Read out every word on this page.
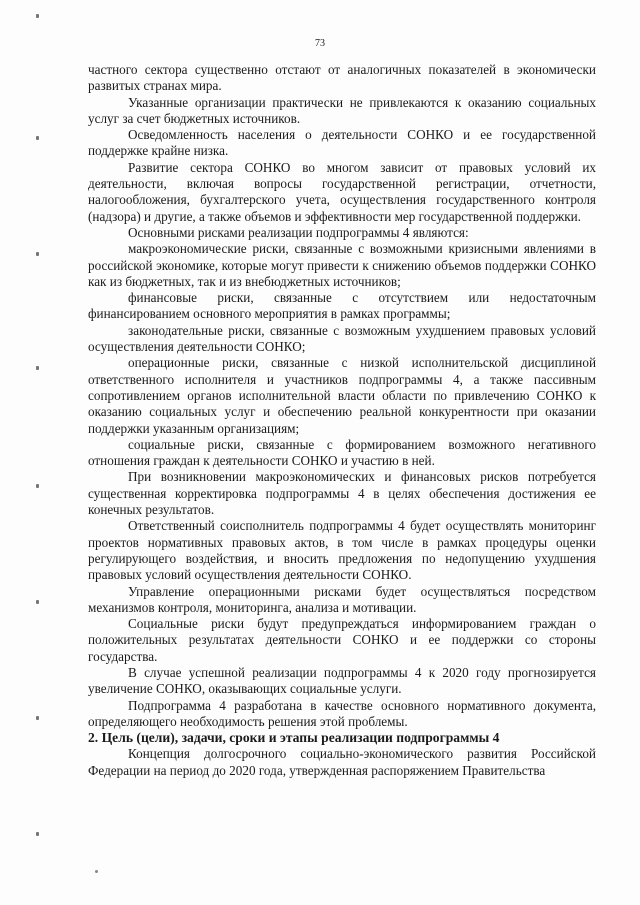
73

частного сектора существенно отстают от аналогичных показателей в экономически развитых странах мира.

Указанные организации практически не привлекаются к оказанию социальных услуг за счет бюджетных источников.

Осведомленность населения о деятельности СОНКО и ее государственной поддержке крайне низка.

Развитие сектора СОНКО во многом зависит от правовых условий их деятельности, включая вопросы государственной регистрации, отчетности, налогообложения, бухгалтерского учета, осуществления государственного контроля (надзора) и другие, а также объемов и эффективности мер государственной поддержки.

Основными рисками реализации подпрограммы 4 являются:

макроэкономические риски, связанные с возможными кризисными явлениями в российской экономике, которые могут привести к снижению объемов поддержки СОНКО как из бюджетных, так и из внебюджетных источников;

финансовые риски, связанные с отсутствием или недостаточным финансированием основного мероприятия в рамках программы;

законодательные риски, связанные с возможным ухудшением правовых условий осуществления деятельности СОНКО;

операционные риски, связанные с низкой исполнительской дисциплиной ответственного исполнителя и участников подпрограммы 4, а также пассивным сопротивлением органов исполнительной власти области по привлечению СОНКО к оказанию социальных услуг и обеспечению реальной конкурентности при оказании поддержки указанным организациям;

социальные риски, связанные с формированием возможного негативного отношения граждан к деятельности СОНКО и участию в ней.

При возникновении макроэкономических и финансовых рисков потребуется существенная корректировка подпрограммы 4 в целях обеспечения достижения ее конечных результатов.

Ответственный соисполнитель подпрограммы 4 будет осуществлять мониторинг проектов нормативных правовых актов, в том числе в рамках процедуры оценки регулирующего воздействия, и вносить предложения по недопущению ухудшения правовых условий осуществления деятельности СОНКО.

Управление операционными рисками будет осуществляться посредством механизмов контроля, мониторинга, анализа и мотивации.

Социальные риски будут предупреждаться информированием граждан о положительных результатах деятельности СОНКО и ее поддержки со стороны государства.

В случае успешной реализации подпрограммы 4 к 2020 году прогнозируется увеличение СОНКО, оказывающих социальные услуги.

Подпрограмма 4 разработана в качестве основного нормативного документа, определяющего необходимость решения этой проблемы.

2. Цель (цели), задачи, сроки и этапы реализации подпрограммы 4

Концепция долгосрочного социально-экономического развития Российской Федерации на период до 2020 года, утвержденная распоряжением Правительства
